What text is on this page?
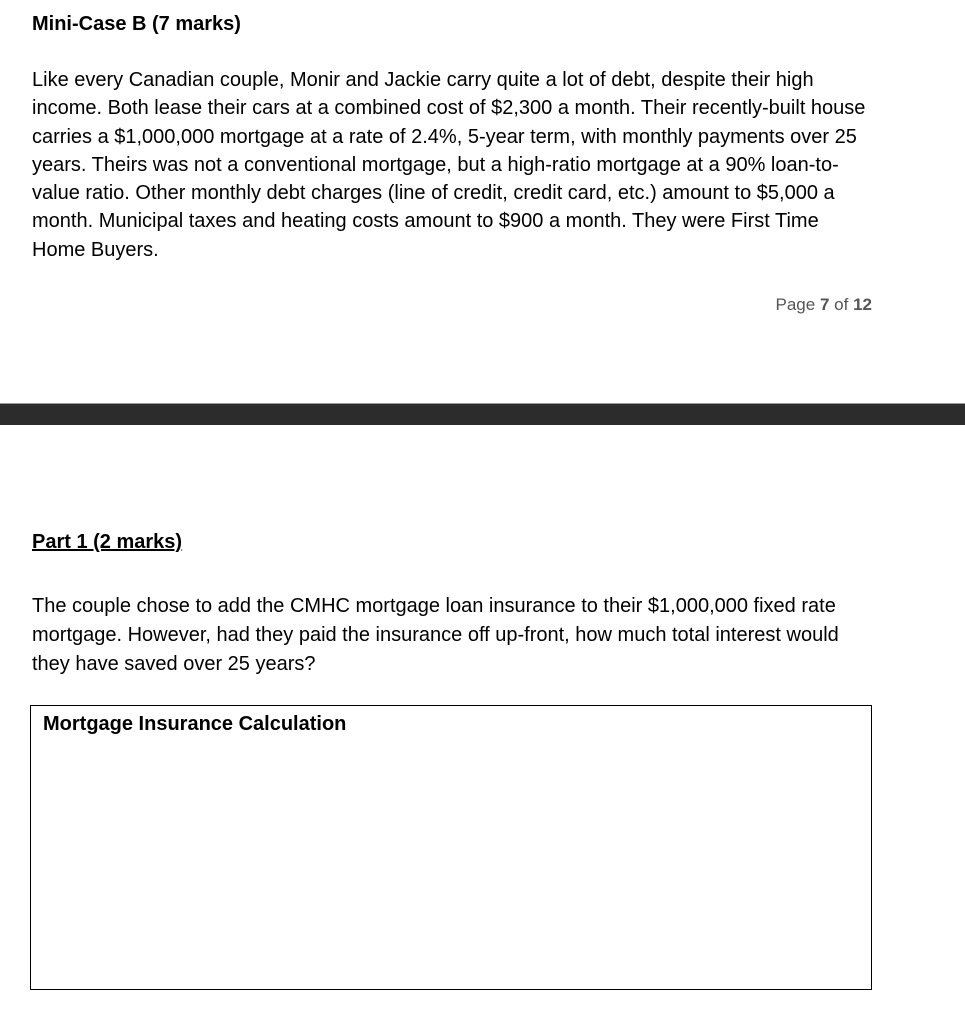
Mini-Case B (7 marks)

Like every Canadian couple, Monir and Jackie carry quite a lot of debt, despite their high income. Both lease their cars at a combined cost of $2,300 a month. Their recently-built house carries a $1,000,000 mortgage at a rate of 2.4%, 5-year term, with monthly payments over 25 years. Theirs was not a conventional mortgage, but a high-ratio mortgage at a 90% loan-to-value ratio. Other monthly debt charges (line of credit, credit card, etc.) amount to $5,000 a month. Municipal taxes and heating costs amount to $900 a month. They were First Time Home Buyers.

Page 7 of 12
Part 1 (2 marks)

The couple chose to add the CMHC mortgage loan insurance to their $1,000,000 fixed rate mortgage. However, had they paid the insurance off up-front, how much total interest would they have saved over 25 years?

Mortgage Insurance Calculation
